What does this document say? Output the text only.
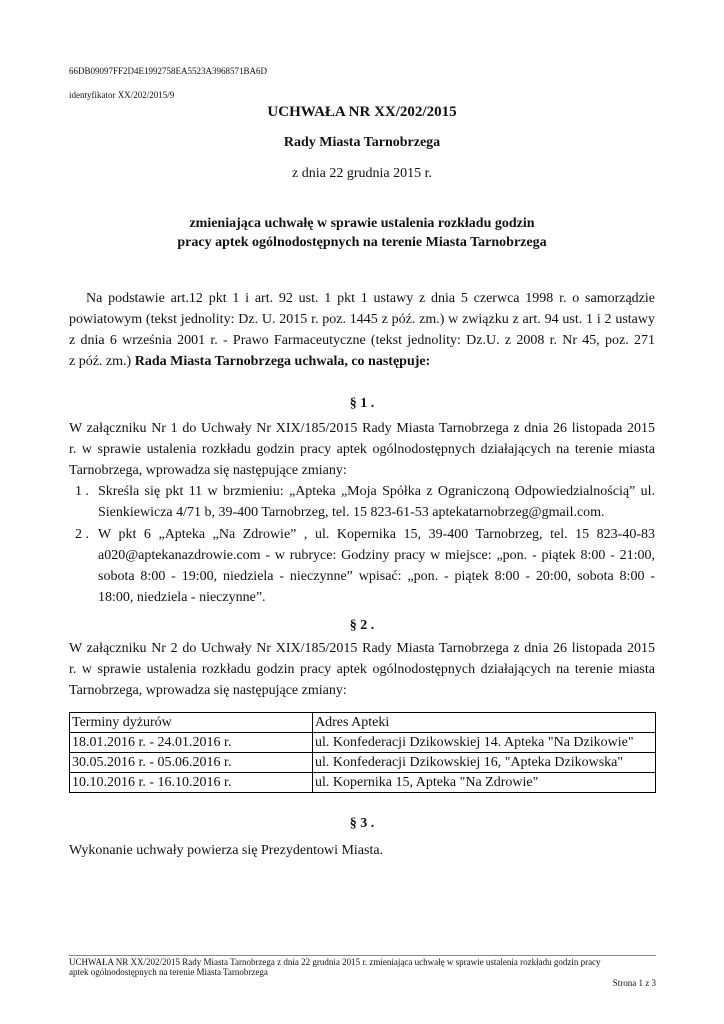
66DB09097FF2D4E1992758EA5523A3968571BA6D
identyfikator XX/202/2015/9
UCHWAŁA NR XX/202/2015
Rady Miasta Tarnobrzega
z dnia 22 grudnia 2015 r.
zmieniająca uchwałę w sprawie ustalenia rozkładu godzin
pracy aptek ogólnodostępnych na terenie Miasta Tarnobrzega
Na podstawie art.12 pkt 1 i art. 92 ust. 1 pkt 1 ustawy z dnia 5 czerwca 1998 r. o samorządzie
powiatowym (tekst jednolity: Dz. U. 2015 r. poz. 1445 z póź. zm.) w związku z art. 94 ust. 1 i 2 ustawy
z dnia 6 września 2001 r. - Prawo Farmaceutyczne (tekst jednolity: Dz.U. z 2008 r. Nr 45, poz. 271
z póź. zm.) Rada Miasta Tarnobrzega uchwala, co następuje:
§ 1 .
W załączniku Nr 1 do Uchwały Nr XIX/185/2015 Rady Miasta Tarnobrzega z dnia 26 listopada 2015
r. w sprawie ustalenia rozkładu godzin pracy aptek ogólnodostępnych działających na terenie miasta
Tarnobrzega, wprowadza się następujące zmiany:
1 . Skreśla się pkt 11 w brzmieniu: „Apteka „Moja Spółka z Ograniczoną Odpowiedzialnością” ul.
Sienkiewicza 4/71 b, 39-400 Tarnobrzeg, tel. 15 823-61-53 aptekatarnobrzeg@gmail.com.
2 . W pkt 6 „Apteka „Na Zdrowie” , ul. Kopernika 15, 39-400 Tarnobrzeg, tel. 15 823-40-83
a020@aptekanazdrowie.com - w rubryce: Godziny pracy w miejsce: „pon. - piątek 8:00 - 21:00,
sobota 8:00 - 19:00, niedziela - nieczynne” wpisać: „pon. - piątek 8:00 - 20:00, sobota 8:00 -
18:00, niedziela - nieczynne”.
§ 2 .
W załączniku Nr 2 do Uchwały Nr XIX/185/2015 Rady Miasta Tarnobrzega z dnia 26 listopada 2015
r. w sprawie ustalenia rozkładu godzin pracy aptek ogólnodostępnych działających na terenie miasta
Tarnobrzega, wprowadza się następujące zmiany:
Terminy dyżurów	Adres Apteki
18.01.2016 r. - 24.01.2016 r.	ul. Konfederacji Dzikowskiej 14. Apteka "Na Dzikowie"
30.05.2016 r. - 05.06.2016 r.	ul. Konfederacji Dzikowskiej 16, "Apteka Dzikowska"
10.10.2016 r. - 16.10.2016 r.	ul. Kopernika 15, Apteka "Na Zdrowie"
§ 3 .
Wykonanie uchwały powierza się Prezydentowi Miasta.
UCHWAŁA NR XX/202/2015 Rady Miasta Tarnobrzega z dnia 22 grudnia 2015 r. zmieniająca uchwałę w sprawie ustalenia rozkładu godzin pracy
aptek ogólnodostępnych na terenie Miasta Tarnobrzega
Strona 1 z 3
